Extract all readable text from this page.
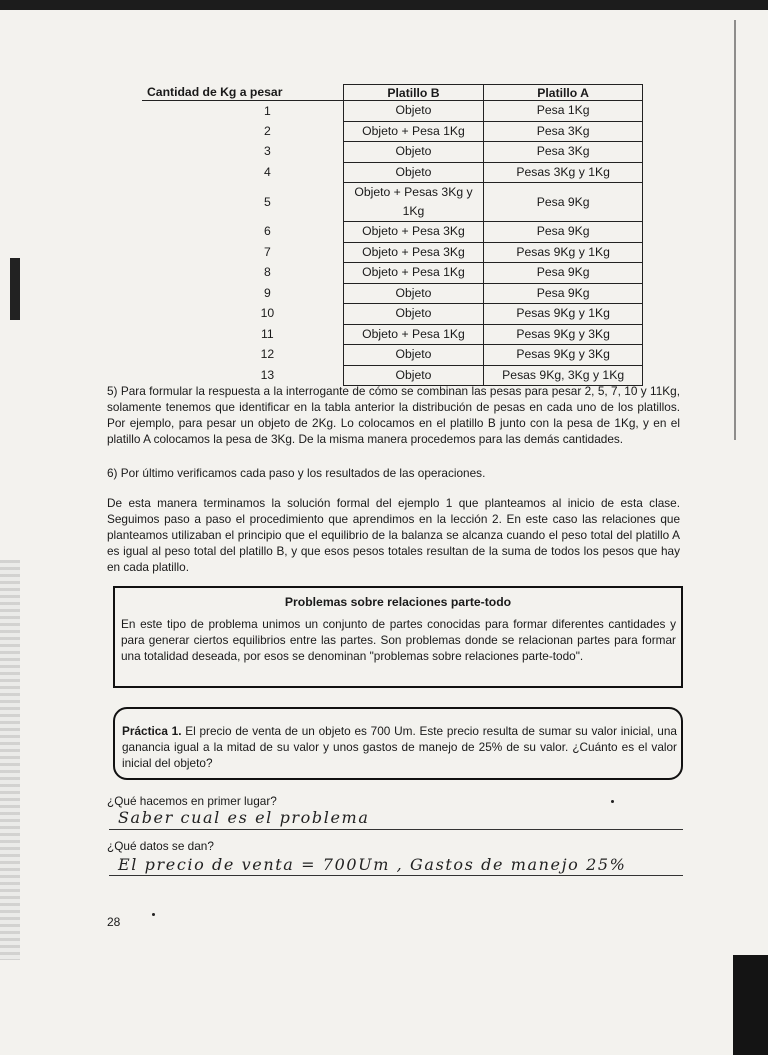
Cantidad de Kg a pesar	Platillo B	Platillo A
1	Objeto	Pesa 1Kg
2	Objeto + Pesa 1Kg	Pesa 3Kg
3	Objeto	Pesa 3Kg
4	Objeto	Pesas 3Kg y 1Kg
5	Objeto + Pesas 3Kg y 1Kg	Pesa 9Kg
6	Objeto + Pesa 3Kg	Pesa 9Kg
7	Objeto + Pesa 3Kg	Pesas 9Kg y 1Kg
8	Objeto + Pesa 1Kg	Pesa 9Kg
9	Objeto	Pesa 9Kg
10	Objeto	Pesas 9Kg y 1Kg
11	Objeto + Pesa 1Kg	Pesas 9Kg y 3Kg
12	Objeto	Pesas 9Kg y 3Kg
13	Objeto	Pesas 9Kg, 3Kg y 1Kg

5) Para formular la respuesta a la interrogante de cómo se combinan las pesas para pesar 2, 5, 7, 10 y 11Kg, solamente tenemos que identificar en la tabla anterior la distribución de pesas en cada uno de los platillos. Por ejemplo, para pesar un objeto de 2Kg. Lo colocamos en el platillo B junto con la pesa de 1Kg, y en el platillo A colocamos la pesa de 3Kg. De la misma manera procedemos para las demás cantidades.

6) Por último verificamos cada paso y los resultados de las operaciones.

De esta manera terminamos la solución formal del ejemplo 1 que planteamos al inicio de esta clase. Seguimos paso a paso el procedimiento que aprendimos en la lección 2. En este caso las relaciones que planteamos utilizaban el principio que el equilibrio de la balanza se alcanza cuando el peso total del platillo A es igual al peso total del platillo B, y que esos pesos totales resultan de la suma de todos los pesos que hay en cada platillo.

Problemas sobre relaciones parte-todo

En este tipo de problema unimos un conjunto de partes conocidas para formar diferentes cantidades y para generar ciertos equilibrios entre las partes. Son problemas donde se relacionan partes para formar una totalidad deseada, por esos se denominan "problemas sobre relaciones parte-todo".

Práctica 1. El precio de venta de un objeto es 700 Um. Este precio resulta de sumar su valor inicial, una ganancia igual a la mitad de su valor y unos gastos de manejo de 25% de su valor. ¿Cuánto es el valor inicial del objeto?

¿Qué hacemos en primer lugar?

Saber cual es el problema

¿Qué datos se dan?

El precio de venta = 700Um , Gastos de manejo 25%

28
